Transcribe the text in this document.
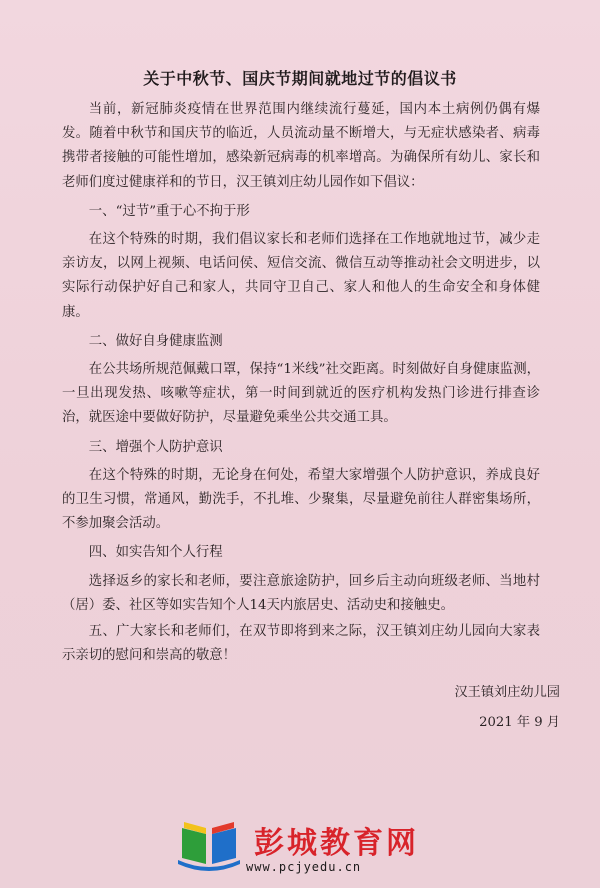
关于中秋节、国庆节期间就地过节的倡议书

当前，新冠肺炎疫情在世界范围内继续流行蔓延，国内本土病例仍偶有爆发。随着中秋节和国庆节的临近，人员流动量不断增大，与无症状感染者、病毒携带者接触的可能性增加，感染新冠病毒的机率增高。为确保所有幼儿、家长和老师们度过健康祥和的节日，汉王镇刘庄幼儿园作如下倡议：

一、“过节”重于心不拘于形

在这个特殊的时期，我们倡议家长和老师们选择在工作地就地过节，减少走亲访友，以网上视频、电话问侯、短信交流、微信互动等推动社会文明进步，以实际行动保护好自己和家人，共同守卫自己、家人和他人的生命安全和身体健康。

二、做好自身健康监测

在公共场所规范佩戴口罩，保持“1米线”社交距离。时刻做好自身健康监测，一旦出现发热、咳嗽等症状，第一时间到就近的医疗机构发热门诊进行排查诊治，就医途中要做好防护，尽量避免乘坐公共交通工具。

三、增强个人防护意识

在这个特殊的时期，无论身在何处，希望大家增强个人防护意识，养成良好的卫生习惯，常通风，勤洗手，不扎堆、少聚集，尽量避免前往人群密集场所，不参加聚会活动。

四、如实告知个人行程

选择返乡的家长和老师，要注意旅途防护，回乡后主动向班级老师、当地村（居）委、社区等如实告知个人14天内旅居史、活动史和接触史。

五、广大家长和老师们，在双节即将到来之际，汉王镇刘庄幼儿园向大家表示亲切的慰问和崇高的敬意！

汉王镇刘庄幼儿园
2021 年 9 月
彭城教育网
www.pcjyedu.cn
